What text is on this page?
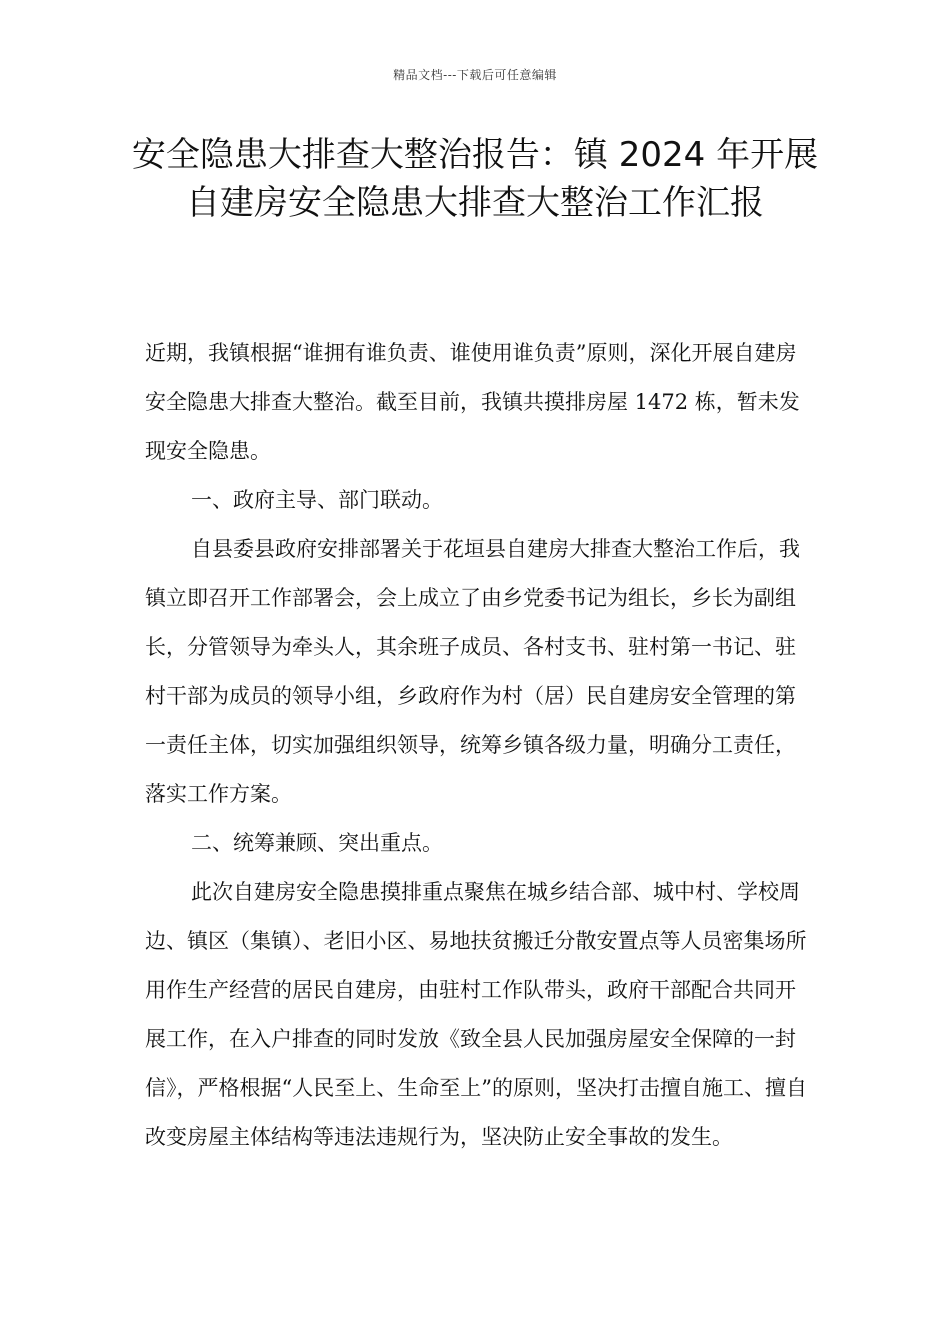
精品文档---下载后可任意编辑
安全隐患大排查大整治报告：镇 2024 年开展自建房安全隐患大排查大整治工作汇报

近期，我镇根据“谁拥有谁负责、谁使用谁负责”原则，深化开展自建房安全隐患大排查大整治。截至目前，我镇共摸排房屋 1472 栋，暂未发现安全隐患。

一、政府主导、部门联动。

自县委县政府安排部署关于花垣县自建房大排查大整治工作后，我镇立即召开工作部署会，会上成立了由乡党委书记为组长，乡长为副组长，分管领导为牵头人，其余班子成员、各村支书、驻村第一书记、驻村干部为成员的领导小组，乡政府作为村（居）民自建房安全管理的第一责任主体，切实加强组织领导，统筹乡镇各级力量，明确分工责任，落实工作方案。

二、统筹兼顾、突出重点。

此次自建房安全隐患摸排重点聚焦在城乡结合部、城中村、学校周边、镇区（集镇）、老旧小区、易地扶贫搬迁分散安置点等人员密集场所用作生产经营的居民自建房，由驻村工作队带头，政府干部配合共同开展工作，在入户排查的同时发放《致全县人民加强房屋安全保障的一封信》，严格根据“人民至上、生命至上”的原则，坚决打击擅自施工、擅自改变房屋主体结构等违法违规行为，坚决防止安全事故的发生。
